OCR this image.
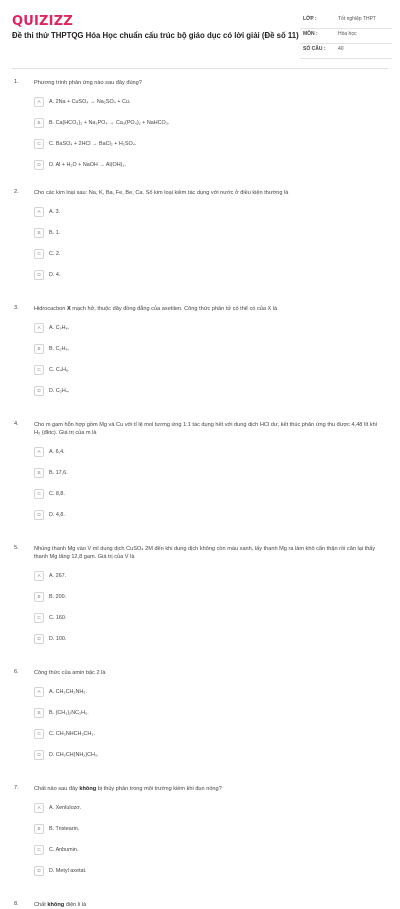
QUIZIZZ
Đề thi thử THPTQG Hóa Học chuẩn cấu trúc bộ giáo dục có lời giải (Đề số 11)
LỚP :	Tốt nghiệp THPT
MÔN :	Hóa học
SỐ CÂU :	40
1.	Phương trình phản ứng nào sau đây đúng?
A	A. 2Na + CuSO₄ → Na₂SO₄ + Cu.
B	B. Ca(HCO₃)₂ + Na₃PO₄ → Ca₃(PO₄)₂ + NaHCO₃.
C	C. BaSO₄ + 2HCl → BaCl₂ + H₂SO₄.
D	D. Al + H₂O + NaOH → Al(OH)₃.
2.	Cho các kim loại sau: Na, K, Ba, Fe, Be, Ca. Số kim loại kiềm tác dụng với nước ở điều kiện thường là
A	A. 3.
B	B. 1.
C	C. 2.
D	D. 4.
3.	Hidrocacbon X mạch hở, thuộc dãy đồng đẳng của axetilen. Công thức phân tử có thể có của X là
A	A. C₃H₆.
B	B. C₂H₆.
C	C. C₄H₆.
D	D. C₂H₄.
4.	Cho m gam hỗn hợp gồm Mg và Cu với tỉ lệ mol tương ứng 1:1 tác dụng hết với dung dịch HCl dư, kết thúc phản ứng thu được 4,48 lít khí H₂ (đktc). Giá trị của m là
A	A. 6,4.
B	B. 17,6.
C	C. 8,8.
D	D. 4,8.
5.	Nhúng thanh Mg vào V ml dung dịch CuSO₄ 2M đến khi dung dịch không còn màu xanh, lấy thanh Mg ra làm khô cẩn thận rồi cân lại thấy thanh Mg tăng 12,8 gam. Giá trị của V là
A	A. 267.
B	B. 200.
C	C. 160.
D	D. 100.
6.	Công thức của amin bậc 2 là
A	A. CH₃CH₂NH₂.
B	B. (CH₃)₂NC₂H₅.
C	C. CH₃NHCH₂CH₃.
D	D. CH₃CH(NH₂)CH₃.
7.	Chất nào sau đây không bị thủy phân trong môi trường kiềm khi đun nóng?
A	A. Xenlulozơ.
B	B. Tristearin.
C	C. Anbumin.
D	D. Metyl axetat.
8.	Chất không điện li là
